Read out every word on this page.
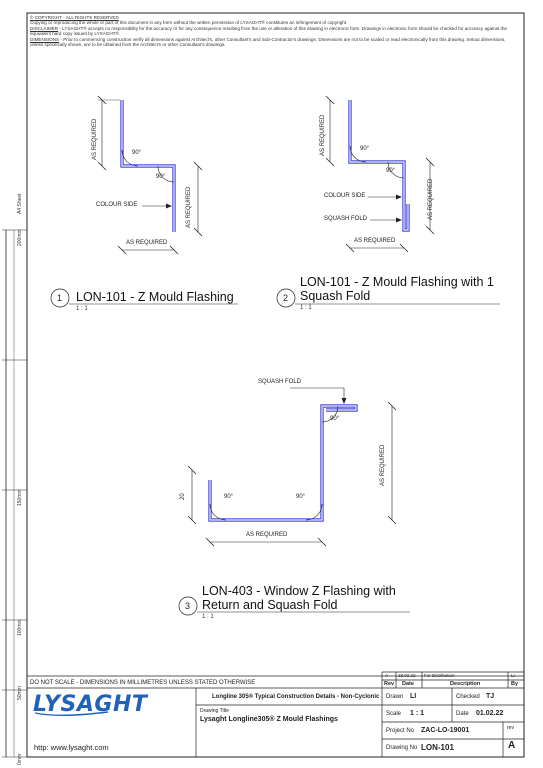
© COPYRIGHT - ALL RIGHTS RESERVED
Copying or reproducing the whole or part of this document in any form without the written permission of LYSAGHT® constitutes an infringement of copyright.
DISCLAIMER - LYSAGHT® accepts no responsibility for the accuracy or for any consequence resulting from the use or alteration of this drawing in electronic form. Drawings in electronic form should be checked for accuracy against the equivalent hard copy issued by LYSAGHT®.
DIMENSIONS - Prior to commencing construction verify all dimensions against Architect's, other Consultant's and Sub-Contractor's drawings. Dimensions are not to be scaled or read electronically from this drawing. Setout dimensions, unless specifically shown, are to be obtained from the Architect's or other Consultant's drawings.
A4 Sheet
200mm
150mm
100mm
50mm
0mm
AS REQUIRED
AS REQUIRED
AS REQUIRED
90°
90°
COLOUR SIDE
AS REQUIRED
AS REQUIRED
AS REQUIRED
90°
90°
COLOUR SIDE
SQUASH FOLD
SQUASH FOLD
20
AS REQUIRED
AS REQUIRED
90°	90°
90°
1 LON-101 - Z Mould Flashing
1 : 1
2
LON-101 - Z Mould Flashing with 1
Squash Fold
1 : 1
3
LON-403 - Window Z Flashing with
Return and Squash Fold
1 : 1
DO NOT SCALE - DIMENSIONS IN MILLIMETRES UNLESS STATED OTHERWISE
LYSAGHT
http: www.lysaght.com
Longline 305® Typical Construction Details - Non-Cyclonic
Drawing Title
Lysaght Longline305® Z Mould Flashings
A 18.02.22 For Distribution	LI
Rev Date	Description	By
Drawn LI	Checked TJ
Scale 1 : 1	Date 01.02.22
Project No ZAC-LO-19001	rev
Drawing No LON-101	A
